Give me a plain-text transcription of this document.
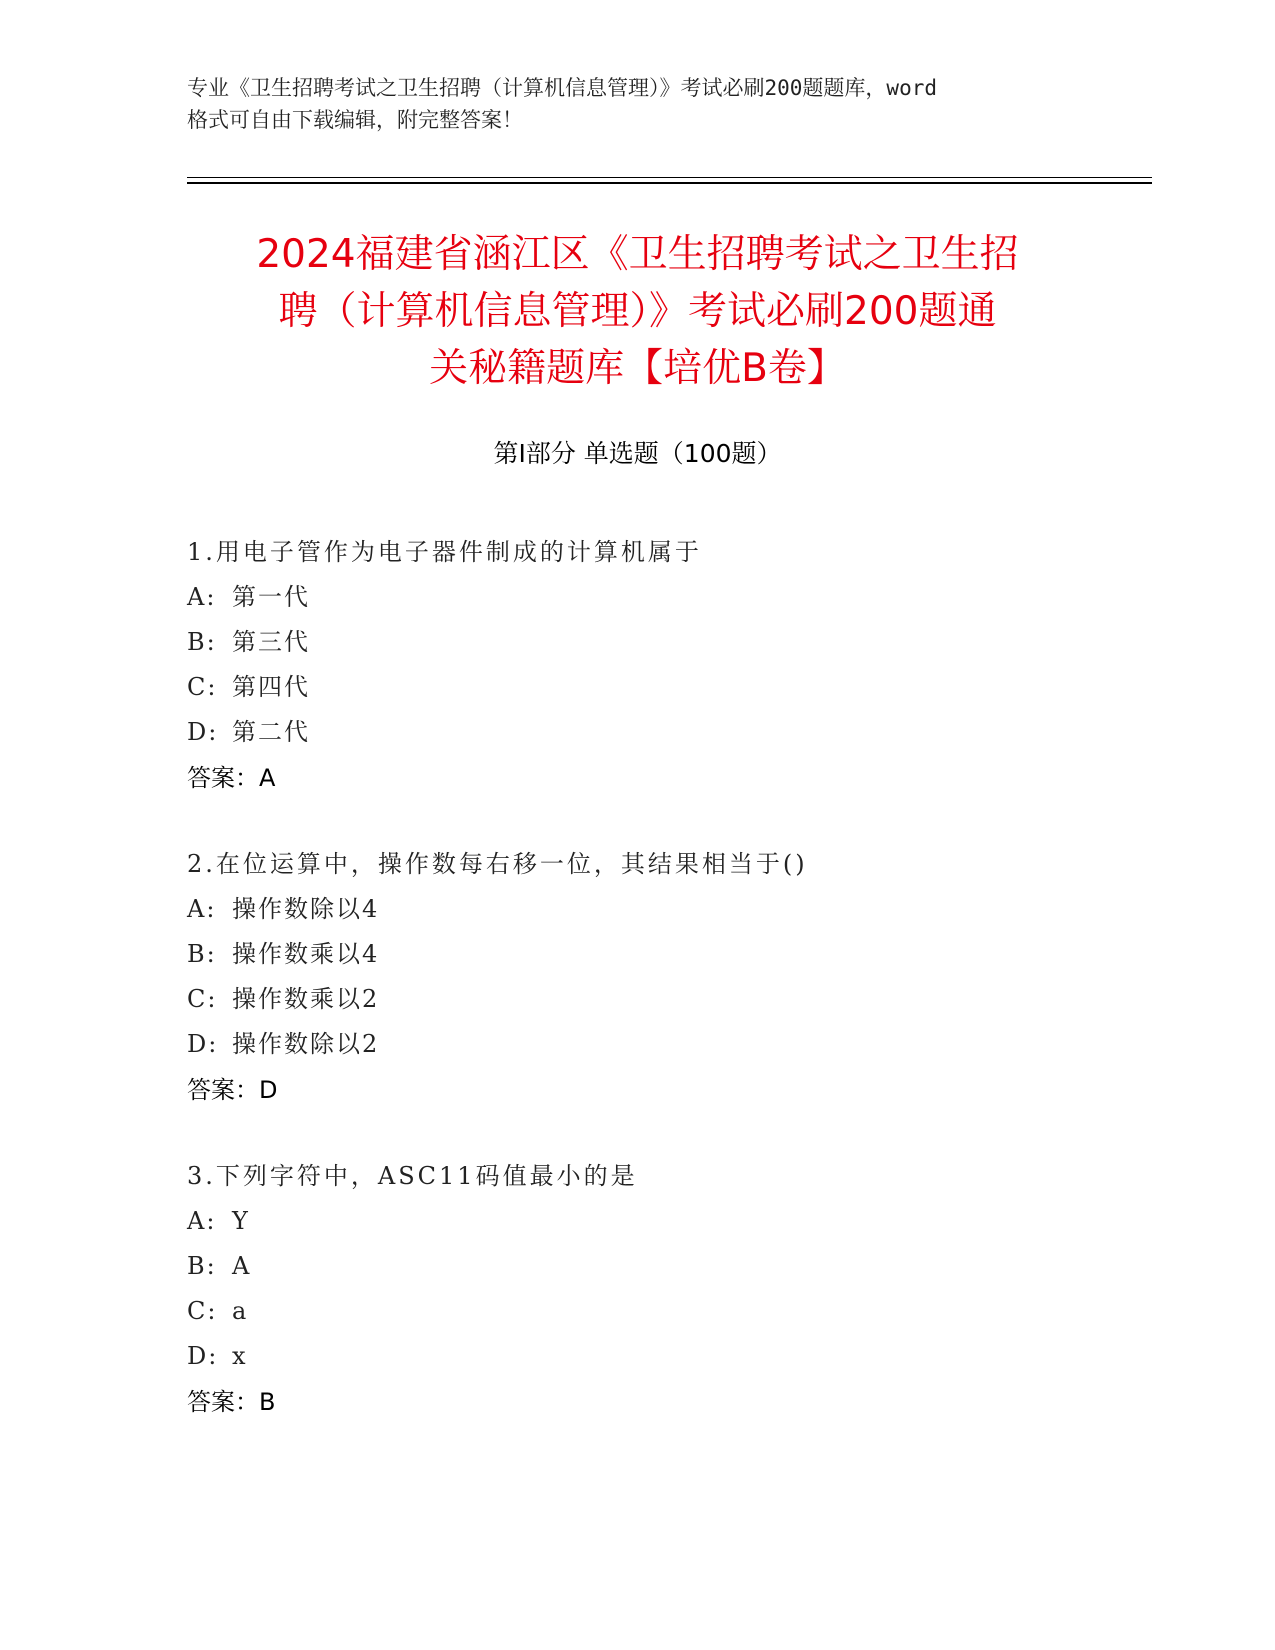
专业《卫生招聘考试之卫生招聘（计算机信息管理）》考试必刷200题题库，word
格式可自由下载编辑，附完整答案！
2024福建省涵江区《卫生招聘考试之卫生招
聘（计算机信息管理）》考试必刷200题通
关秘籍题库【培优B卷】
第Ⅰ部分 单选题（100题）
1.用电子管作为电子器件制成的计算机属于
A: 第一代
B: 第三代
C: 第四代
D: 第二代
答案：A
2.在位运算中，操作数每右移一位，其结果相当于()
A: 操作数除以4
B: 操作数乘以4
C: 操作数乘以2
D: 操作数除以2
答案：D
3.下列字符中，ASC11码值最小的是
A: Y
B: A
C: a
D: x
答案：B
